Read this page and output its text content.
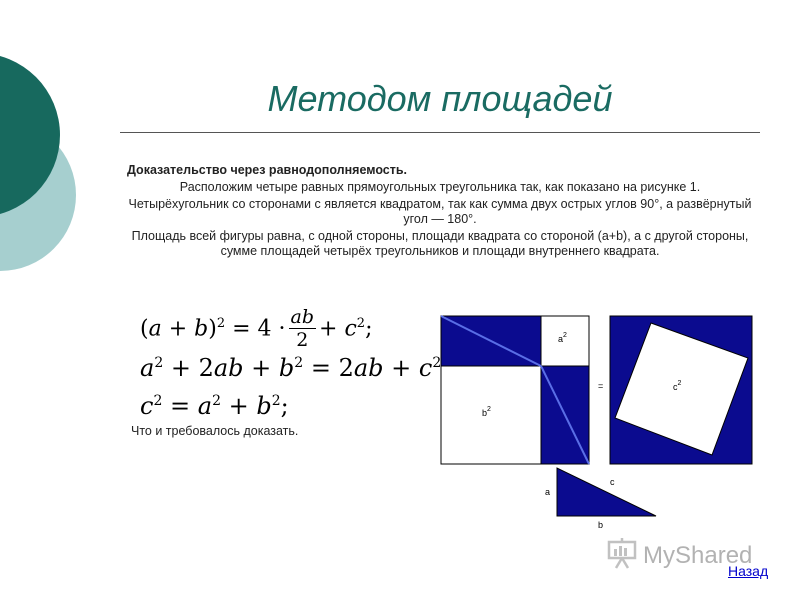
Методом площадей

Доказательство через равнодополняемость.

Расположим четыре равных прямоугольных треугольника так, как показано на рисунке 1.

Четырёхугольник со сторонами c является квадратом, так как сумма двух острых углов 90°, а развёрнутый угол — 180°.

Площадь всей фигуры равна, с одной стороны, площади квадрата со стороной (a+b), а с другой стороны, сумме площадей четырёх треугольников и площади внутреннего квадрата.

$(a + b)^2 = 4 \cdot \frac{ab}{2} + c^2$;
$a^2 + 2ab + b^2 = 2ab + c^2$
$c^2 = a^2 + b^2$;
Что и требовалось доказать.
$a^2$
$b^2$
=	$c^2$
a
c
b
MyShared
Назад
